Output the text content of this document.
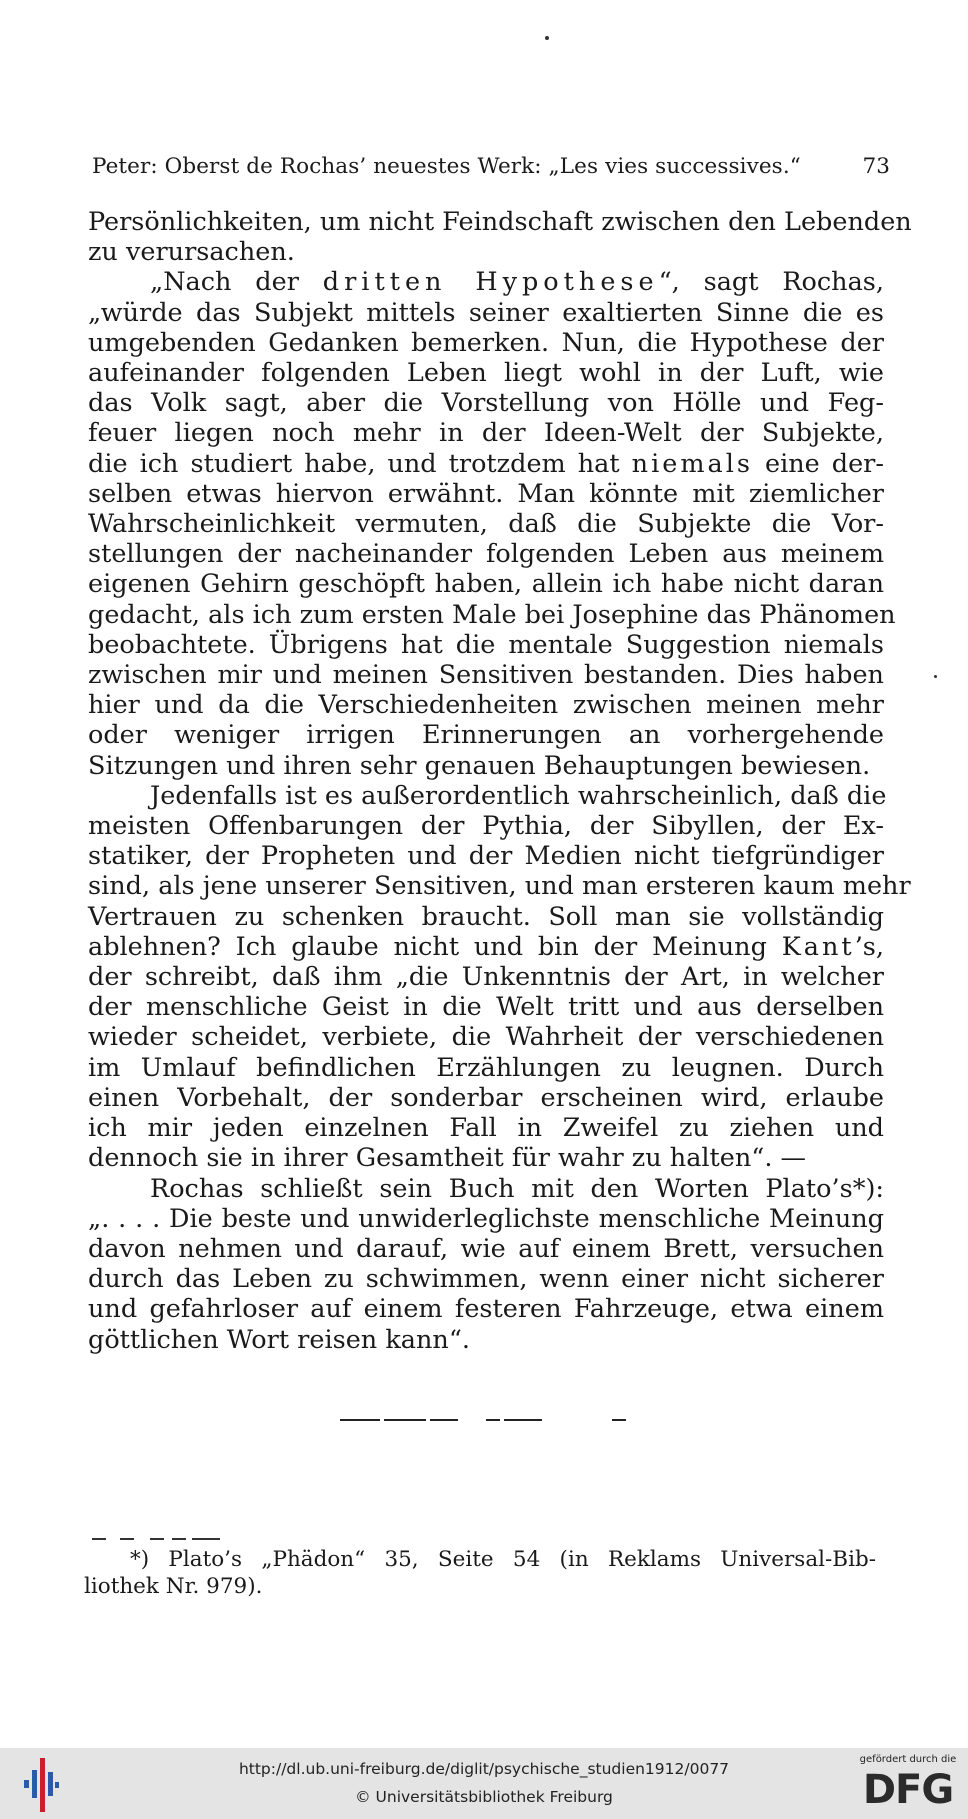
Peter: Oberst de Rochas’ neuestes Werk: „Les vies successives.“	73
Persönlichkeiten, um nicht Feindschaft zwischen den Lebenden
zu verursachen.
„Nach der dritten Hypothese“, sagt Rochas,
„würde das Subjekt mittels seiner exaltierten Sinne die es
umgebenden Gedanken bemerken. Nun, die Hypothese der
aufeinander folgenden Leben liegt wohl in der Luft, wie
das Volk sagt, aber die Vorstellung von Hölle und Feg-
feuer liegen noch mehr in der Ideen-Welt der Subjekte,
die ich studiert habe, und trotzdem hat niemals eine der-
selben etwas hiervon erwähnt. Man könnte mit ziemlicher
Wahrscheinlichkeit vermuten, daß die Subjekte die Vor-
stellungen der nacheinander folgenden Leben aus meinem
eigenen Gehirn geschöpft haben, allein ich habe nicht daran
gedacht, als ich zum ersten Male bei Josephine das Phänomen
beobachtete. Übrigens hat die mentale Suggestion niemals
zwischen mir und meinen Sensitiven bestanden. Dies haben
hier und da die Verschiedenheiten zwischen meinen mehr
oder weniger irrigen Erinnerungen an vorhergehende
Sitzungen und ihren sehr genauen Behauptungen bewiesen.
Jedenfalls ist es außerordentlich wahrscheinlich, daß die
meisten Offenbarungen der Pythia, der Sibyllen, der Ex-
statiker, der Propheten und der Medien nicht tiefgründiger
sind, als jene unserer Sensitiven, und man ersteren kaum mehr
Vertrauen zu schenken braucht. Soll man sie vollständig
ablehnen? Ich glaube nicht und bin der Meinung Kant’s,
der schreibt, daß ihm „die Unkenntnis der Art, in welcher
der menschliche Geist in die Welt tritt und aus derselben
wieder scheidet, verbiete, die Wahrheit der verschiedenen
im Umlauf befindlichen Erzählungen zu leugnen. Durch
einen Vorbehalt, der sonderbar erscheinen wird, erlaube
ich mir jeden einzelnen Fall in Zweifel zu ziehen und
dennoch sie in ihrer Gesamtheit für wahr zu halten“. —
Rochas schließt sein Buch mit den Worten Plato’s*):
„. . . . Die beste und unwiderleglichste menschliche Meinung
davon nehmen und darauf, wie auf einem Brett, versuchen
durch das Leben zu schwimmen, wenn einer nicht sicherer
und gefahrloser auf einem festeren Fahrzeuge, etwa einem
göttlichen Wort reisen kann“.
*) Plato’s „Phädon“ 35, Seite 54 (in Reklams Universal-Bib-
liothek Nr. 979).
http://dl.ub.uni-freiburg.de/diglit/psychische_studien1912/0077
© Universitätsbibliothek Freiburg
gefördert durch die
DFG
